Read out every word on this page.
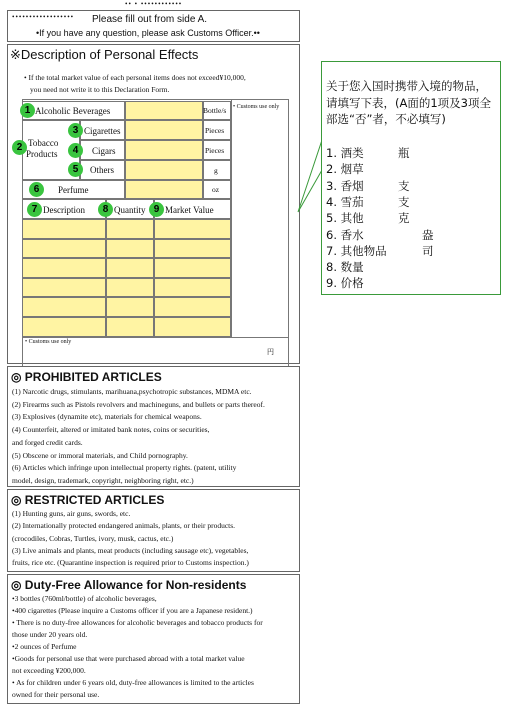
•• • ••••••••••••
•••••••••••••••••• Please fill out from side A.
•If you have any question, please ask Customs Officer.••
※Description of Personal Effects
• If the total market value of each personal items does not exceed¥10,000,
you need not write it to this Declaration Form.
• Customs use only
1 Alcoholic Beverages	Bottle/s
2 Tobacco
Products
3 Cigarettes	Pieces
4	Cigars	Pieces
5	Others	g
6	Perfume	oz
7 Description	8 Quantity 9 Market Value
• Customs use only
円
关于您入国时携带入境的物品，请填写下表，(A面的1项及3项全部选“否”者，不必填写)
1. 酒类	瓶
2. 烟草
3. 香烟	支
4. 雪茄	支
5. 其他	克
6. 香水	盎司
7. 其他物品
8. 数量
9. 价格
◎ PROHIBITED ARTICLES
(1) Narcotic drugs, stimulants, marihuana,psychotropic substances, MDMA etc.
(2) Firearms such as Pistols revolvers and machineguns, and bullets or parts thereof.
(3) Explosives (dynamite etc), materials for chemical weapons.
(4) Counterfeit, altered or imitated bank notes, coins or securities,
and forged credit cards.
(5) Obscene or immoral materials, and Child pornography.
(6) Articles which infringe upon intellectual property rights. (patent, utility
model, design, trademark, copyright, neighboring right, etc.)
◎ RESTRICTED ARTICLES
(1) Hunting guns, air guns, swords, etc.
(2) Internationally protected endangered animals, plants, or their products.
(crocodiles, Cobras, Turtles, ivory, musk, cactus, etc.)
(3) Live animals and plants, meat products (including sausage etc), vegetables,
fruits, rice etc. (Quarantine inspection is required prior to Customs inspection.)
◎ Duty-Free Allowance for Non-residents
•3 bottles (760ml/bottle) of alcoholic beverages,
•400 cigarettes (Please inquire a Customs officer if you are a Japanese resident.)
• There is no duty-free allowances for alcoholic beverages and tobacco products for
those under 20 years old.
•2 ounces of Perfume
•Goods for personal use that were purchased abroad with a total market value
not exceeding ¥200,000.
• As for children under 6 years old, duty-free allowances is limited to the articles
owned for their personal use.
